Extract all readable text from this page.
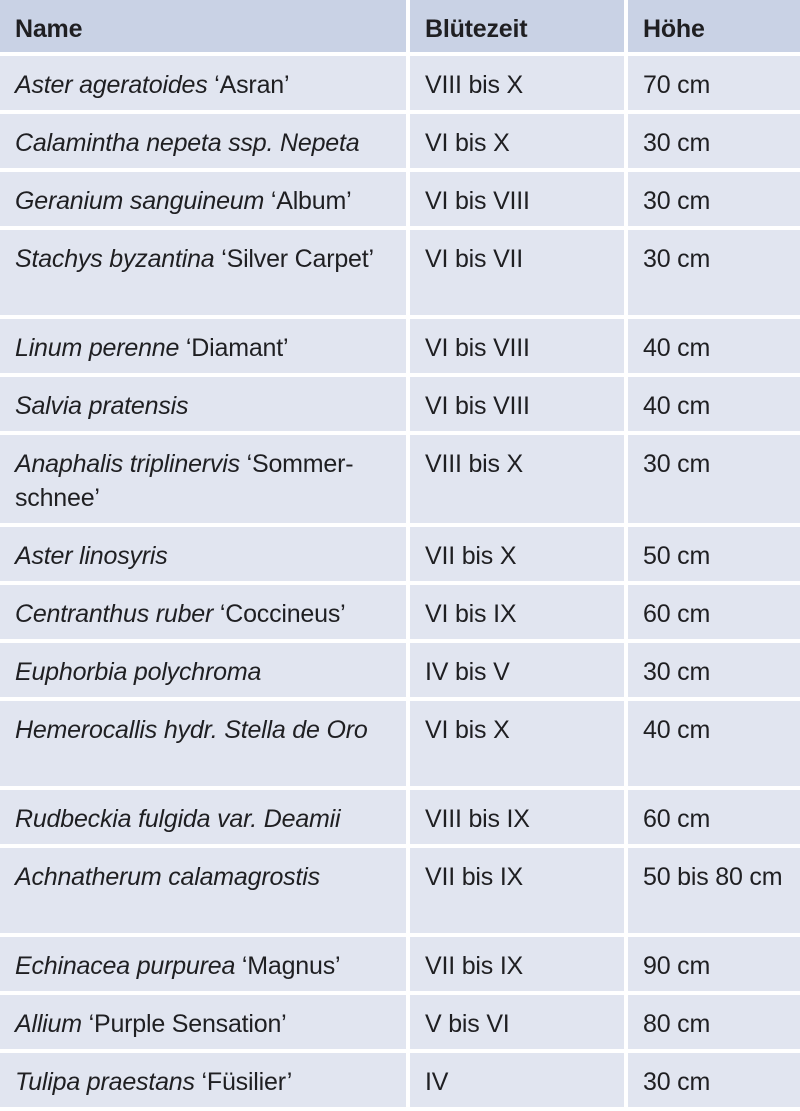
Name	Blütezeit	Höhe
Aster ageratoides ‘Asran’	VIII bis X	70 cm
Calamintha nepeta ssp. Nepeta	VI bis X	30 cm
Geranium sanguineum ‘Album’	VI bis VIII	30 cm
Stachys byzantina ‘Silver Carpet’	VI bis VII	30 cm
Linum perenne ‘Diamant’	VI bis VIII	40 cm
Salvia pratensis	VI bis VIII	40 cm
Anaphalis triplinervis ‘Sommer-schnee’	VIII bis X	30 cm
Aster linosyris	VII bis X	50 cm
Centranthus ruber ‘Coccineus’	VI bis IX	60 cm
Euphorbia polychroma	IV bis V	30 cm
Hemerocallis hydr. Stella de Oro	VI bis X	40 cm
Rudbeckia fulgida var. Deamii	VIII bis IX	60 cm
Achnatherum calamagrostis	VII bis IX	50 bis 80 cm
Echinacea purpurea ‘Magnus’	VII bis IX	90 cm
Allium ‘Purple Sensation’	V bis VI	80 cm
Tulipa praestans ‘Füsilier’	IV	30 cm
